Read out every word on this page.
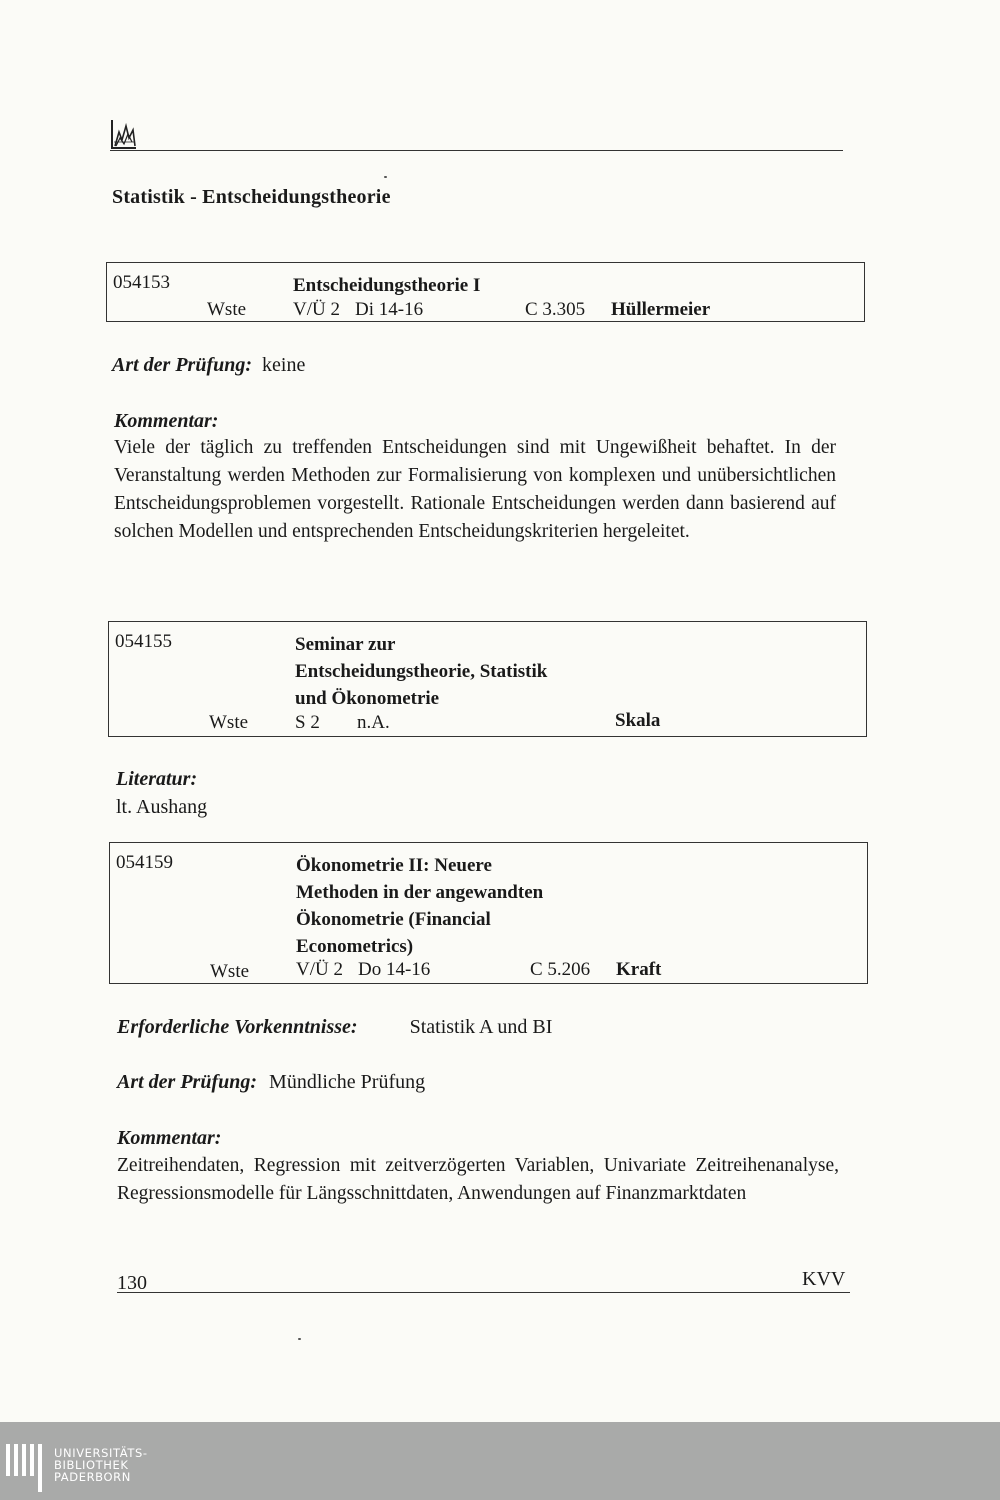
Statistik - Entscheidungstheorie
054153	Entscheidungstheorie I
Wste V/Ü 2 Di 14-16	C 3.305 Hüllermeier
Art der Prüfung: keine
Kommentar:
Viele der täglich zu treffenden Entscheidungen sind mit Ungewißheit behaftet. In der Veranstaltung werden Methoden zur Formalisierung von komplexen und unübersichtlichen Entscheidungsproblemen vorgestellt. Rationale Entscheidungen werden dann basierend auf solchen Modellen und entsprechenden Entscheidungskriterien hergeleitet.
054155	Seminar zur
Entscheidungstheorie, Statistik
und Ökonometrie
Wste S 2 n.A.	Skala
Literatur:
lt. Aushang
054159	Ökonometrie II: Neuere
Methoden in der angewandten
Ökonometrie (Financial
Econometrics)
Wste V/Ü 2 Do 14-16	C 5.206 Kraft
Erforderliche Vorkenntnisse:	Statistik A und BI
Art der Prüfung: Mündliche Prüfung
Kommentar:
Zeitreihendaten, Regression mit zeitverzögerten Variablen, Univariate Zeitreihenanalyse, Regressionsmodelle für Längsschnittdaten, Anwendungen auf Finanzmarktdaten
130	KVV
UNIVERSITÄTS-
BIBLIOTHEK
PADERBORN
